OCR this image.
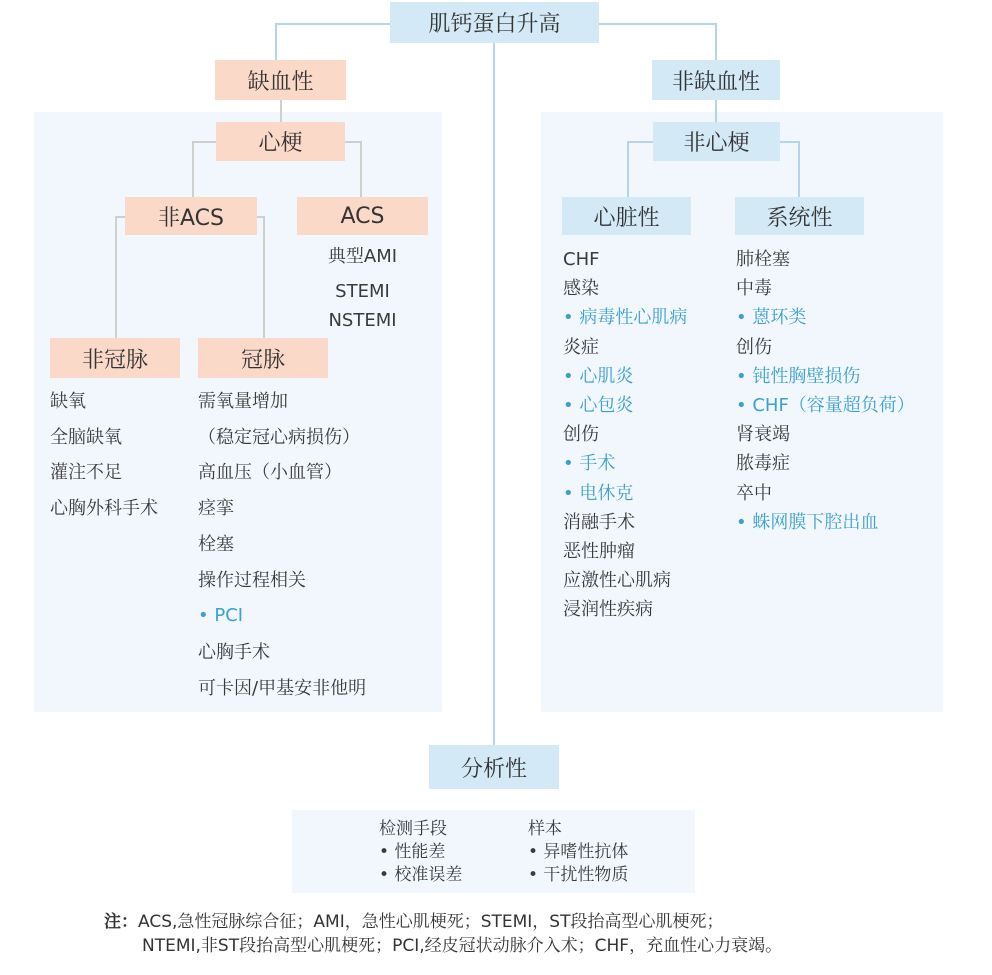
肌钙蛋白升高
缺血性
心梗
非ACS	ACS
非冠脉	冠脉
非缺血性
非心梗
心脏性	系统性
分析性
典型AMI
STEMI
NSTEMI
缺氧
全脑缺氧
灌注不足
心胸外科手术
需氧量增加
（稳定冠心病损伤）
高血压（小血管）
痉挛
栓塞
操作过程相关
• PCI
心胸手术
可卡因/甲基安非他明
CHF
感染
• 病毒性心肌病
炎症
• 心肌炎
• 心包炎
创伤
• 手术
• 电休克
消融手术
恶性肿瘤
应激性心肌病
浸润性疾病
肺栓塞
中毒
• 蒽环类
创伤
• 钝性胸壁损伤
• CHF（容量超负荷）
肾衰竭
脓毒症
卒中
• 蛛网膜下腔出血
检测手段
• 性能差
• 校准误差
样本
• 异嗜性抗体
• 干扰性物质
注：ACS,急性冠脉综合征；AMI，急性心肌梗死；STEMI，ST段抬高型心肌梗死；
NTEMI,非ST段抬高型心肌梗死；PCI,经皮冠状动脉介入术；CHF，充血性心力衰竭。
